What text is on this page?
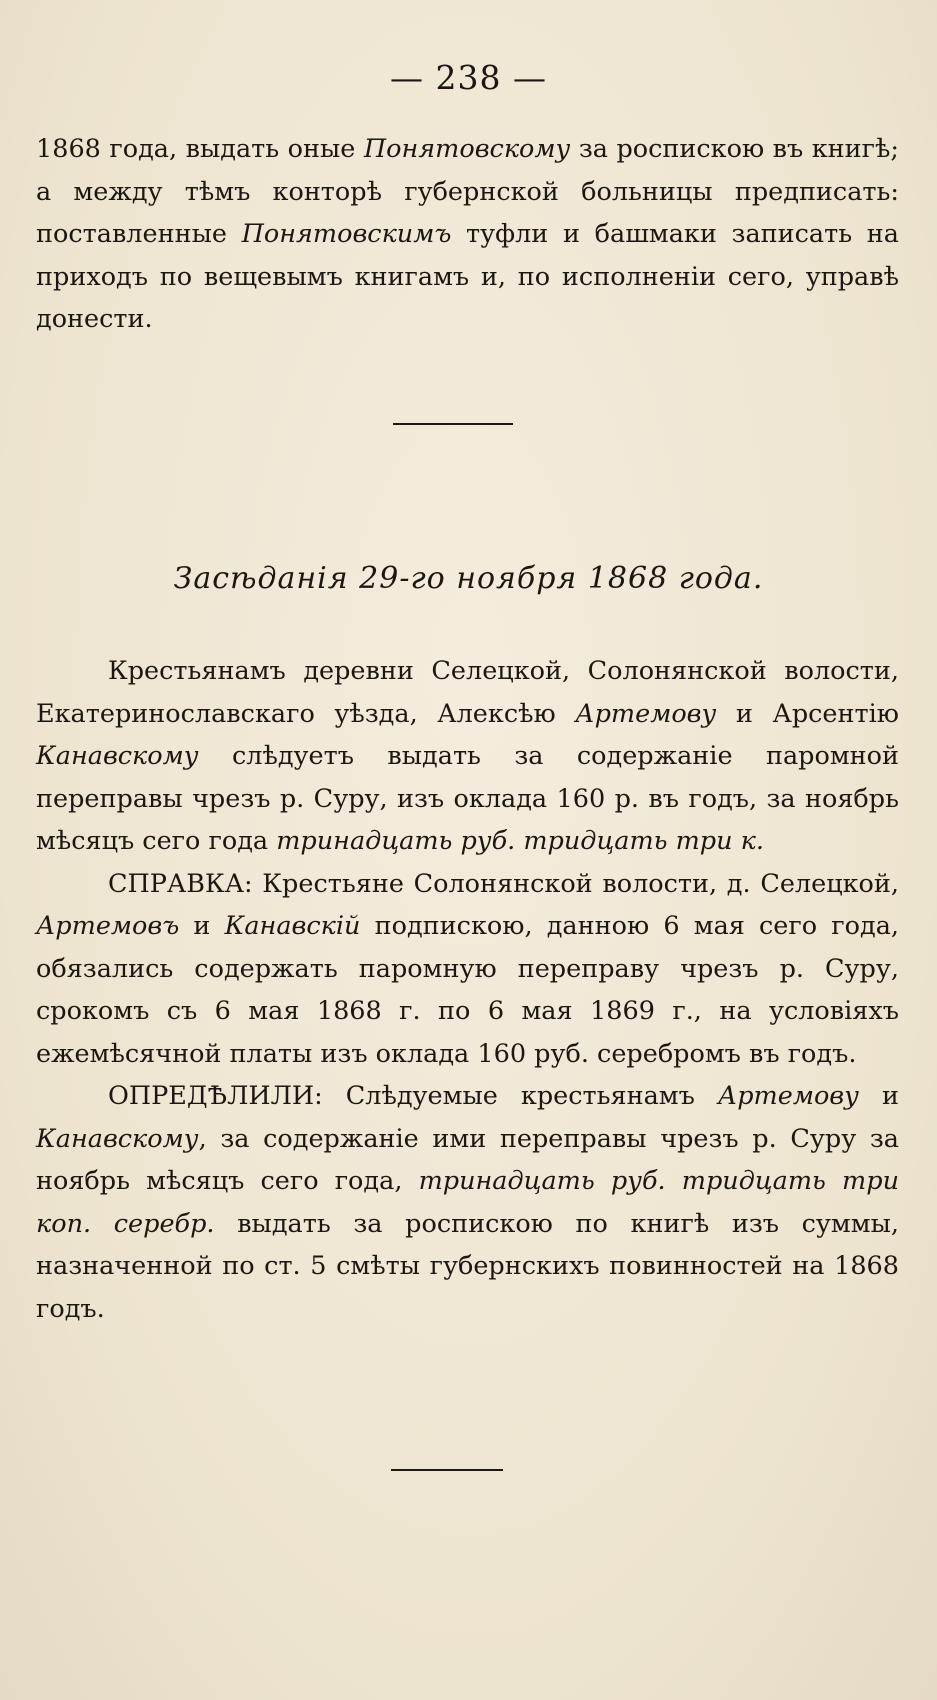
— 238 —

1868 года, выдать оные Понятовскому за роспискою въ книгѣ; а между тѣмъ конторѣ губернской больницы предписать: поставленные Понятовскимъ туфли и башмаки записать на приходъ по вещевымъ книгамъ и, по исполненіи сего, управѣ донести.

Засѣданія 29-го ноября 1868 года.

Крестьянамъ деревни Селецкой, Солонянской волости, Екатеринославскаго уѣзда, Алексѣю Артемову и Арсентію Канавскому слѣдуетъ выдать за содержаніе паромной переправы чрезъ р. Суру, изъ оклада 160 р. въ годъ, за ноябрь мѣсяцъ сего года тринадцать руб. тридцать три к.

СПРАВКА: Крестьяне Солонянской волости, д. Селецкой, Артемовъ и Канавскій подпискою, данною 6 мая сего года, обязались содержать паромную переправу чрезъ р. Суру, срокомъ съ 6 мая 1868 г. по 6 мая 1869 г., на условіяхъ ежемѣсячной платы изъ оклада 160 руб. серебромъ въ годъ.

ОПРЕДѢЛИЛИ: Слѣдуемые крестьянамъ Артемову и Канавскому, за содержаніе ими переправы чрезъ р. Суру за ноябрь мѣсяцъ сего года, тринадцать руб. тридцать три коп. серебр. выдать за роспискою по книгѣ изъ суммы, назначенной по ст. 5 смѣты губернскихъ повинностей на 1868 годъ.
